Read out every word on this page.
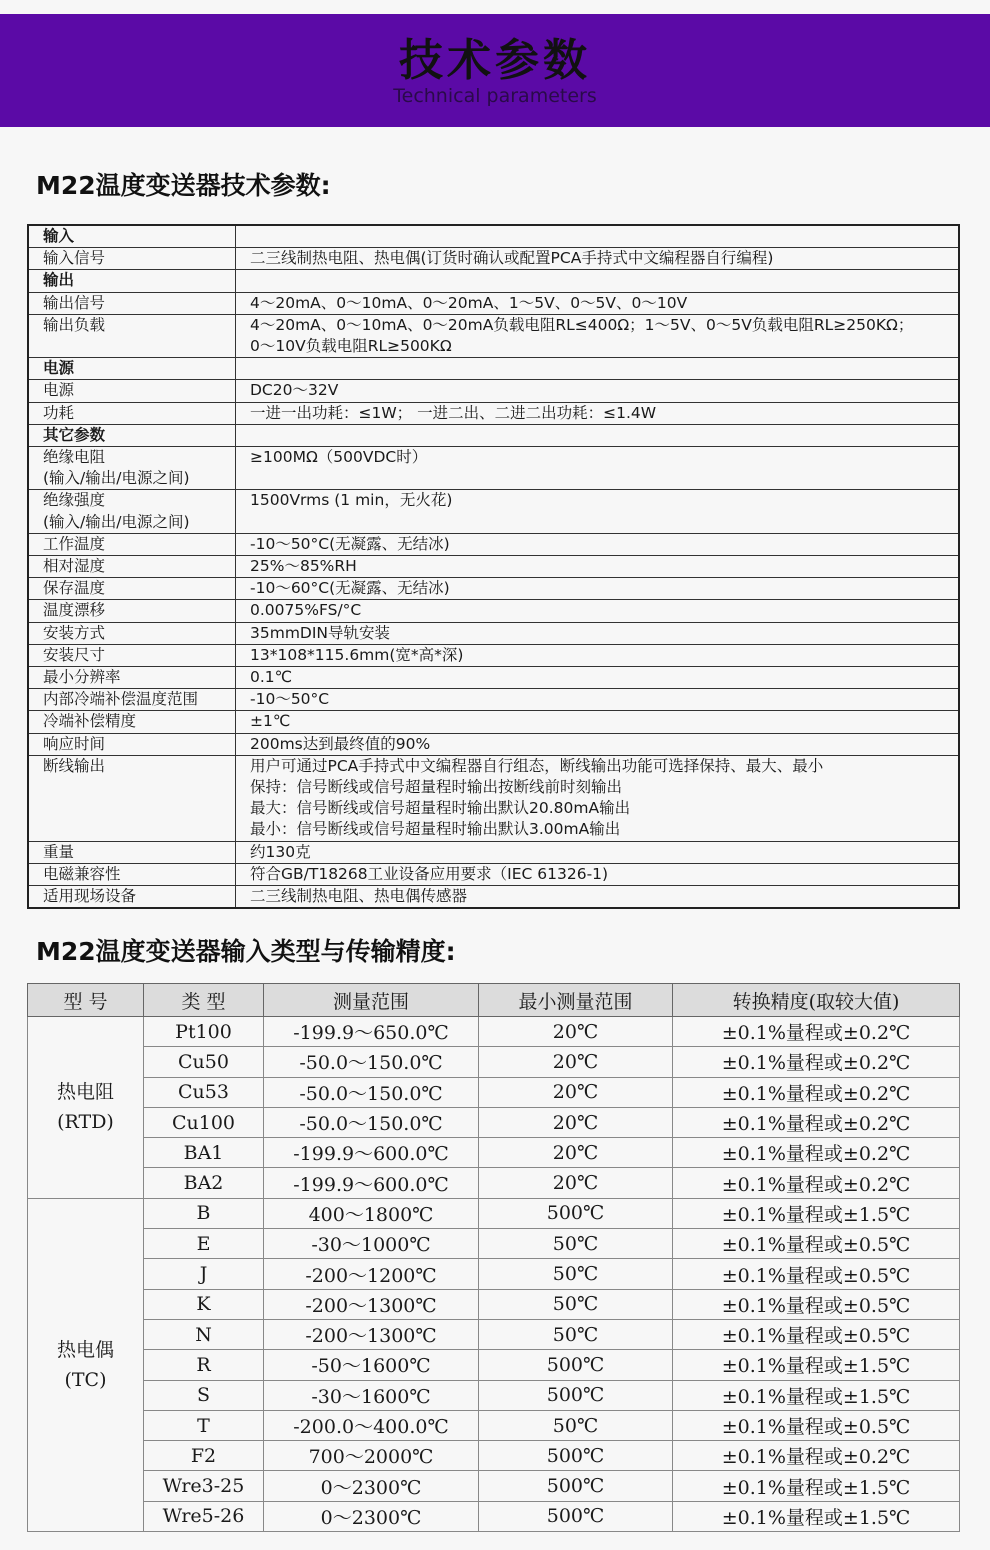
技术参数
Technical parameters
M22温度变送器技术参数:
输入	
输入信号	二三线制热电阻、热电偶(订货时确认或配置PCA手持式中文编程器自行编程)
输出	
输出信号	4～20mA、0～10mA、0～20mA、1～5V、0～5V、0～10V
输出负载	4～20mA、0～10mA、0～20mA负载电阻RL≤400Ω；1～5V、0～5V负载电阻RL≥250KΩ；
0～10V负载电阻RL≥500KΩ
电源	
电源	DC20～32V
功耗	一进一出功耗：≤1W； 一进二出、二进二出功耗：≤1.4W
其它参数	
绝缘电阻
(输入/输出/电源之间)	≥100MΩ（500VDC时）
绝缘强度
(输入/输出/电源之间)	1500Vrms (1 min，无火花)
工作温度	-10～50°C(无凝露、无结冰)
相对湿度	25%～85%RH
保存温度	-10～60°C(无凝露、无结冰)
温度漂移	0.0075%FS/°C
安装方式	35mmDIN导轨安装
安装尺寸	13*108*115.6mm(宽*高*深)
最小分辨率	0.1℃
内部冷端补偿温度范围	-10～50°C
冷端补偿精度	±1℃
响应时间	200ms达到最终值的90%
断线输出	用户可通过PCA手持式中文编程器自行组态，断线输出功能可选择保持、最大、最小
保持：信号断线或信号超量程时输出按断线前时刻输出
最大：信号断线或信号超量程时输出默认20.80mA输出
最小：信号断线或信号超量程时输出默认3.00mA输出
重量	约130克
电磁兼容性	符合GB/T18268工业设备应用要求（IEC 61326-1)
适用现场设备	二三线制热电阻、热电偶传感器
M22温度变送器输入类型与传输精度:
型 号	类 型	测量范围	最小测量范围	转换精度(取较大值)
热电阻
(RTD)	Pt100	-199.9～650.0℃	20℃	±0.1%量程或±0.2℃
	Cu50	-50.0～150.0℃	20℃	±0.1%量程或±0.2℃
	Cu53	-50.0～150.0℃	20℃	±0.1%量程或±0.2℃
	Cu100	-50.0～150.0℃	20℃	±0.1%量程或±0.2℃
	BA1	-199.9～600.0℃	20℃	±0.1%量程或±0.2℃
	BA2	-199.9～600.0℃	20℃	±0.1%量程或±0.2℃
热电偶
(TC)	B	400～1800℃	500℃	±0.1%量程或±1.5℃
	E	-30～1000℃	50℃	±0.1%量程或±0.5℃
	J	-200～1200℃	50℃	±0.1%量程或±0.5℃
	K	-200～1300℃	50℃	±0.1%量程或±0.5℃
	N	-200～1300℃	50℃	±0.1%量程或±0.5℃
	R	-50～1600℃	500℃	±0.1%量程或±1.5℃
	S	-30～1600℃	500℃	±0.1%量程或±1.5℃
	T	-200.0～400.0℃	50℃	±0.1%量程或±0.5℃
	F2	700～2000℃	500℃	±0.1%量程或±0.2℃
	Wre3-25	0～2300℃	500℃	±0.1%量程或±1.5℃
	Wre5-26	0～2300℃	500℃	±0.1%量程或±1.5℃
